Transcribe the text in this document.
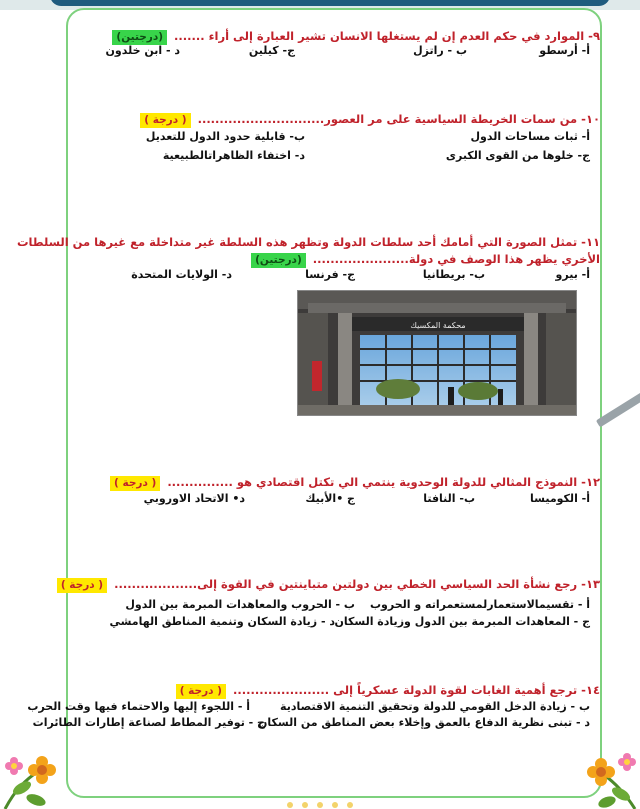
٩- الموارد في حكم العدم إن لم يستغلها الانسان تشير العبارة إلى أراء ....... (درجتين)
أ- أرسطو
ب - راتزل
ج- كيلين
د - ابن خلدون
١٠- من سمات الخريطة السياسية على مر العصور............................. ( درجة )
أ- ثبات مساحات الدول
ب- قابلية حدود الدول للتعديل
ج- خلوها من القوى الكبرى
د- اختفاء الظاهراتالطبيعية
١١- تمثل الصورة التي أمامك أحد سلطات الدولة وتظهر هذه السلطة غير متداخلة مع غيرها من السلطات
الأخري يظهر هذا الوصف في دولة...................... (درجتين)
أ- بيرو
ب- بريطانيا
ج- فرنسا
د- الولايات المتحدة
محكمة المكسيك
١٢- النموذج المثالي للدولة الوحدوية ينتمي الي تكتل اقتصادي هو ............... ( درجة )
أ- الكوميسا
ب- النافتا
ج •الأبيك
د• الاتحاد الاوروبي
١٣- رجع نشأة الحد السياسي الخطي بين دولتين متباينتين في القوة إلى................... ( درجة )
أ - تقسيمالاستعمارلمستعمراته و الحروب
ب - الحروب والمعاهدات المبرمة بين الدول
ج - المعاهدات المبرمة بين الدول وزيادة السكان
د - زيادة السكان وتنمية المناطق الهامشي
١٤- ترجع أهمية الغابات لقوة الدولة عسكرياً إلى ...................... ( درجة )
أ - اللجوء إليها والاحتماء فيها وقت الحرب	ب - زيادة الدخل القومي للدولة وتحقيق التنمية الاقتصادية
ج - توفير المطاط لصناعة إطارات الطائرات
د - تبنى نظرية الدفاع بالعمق وإخلاء بعض المناطق من السكان
